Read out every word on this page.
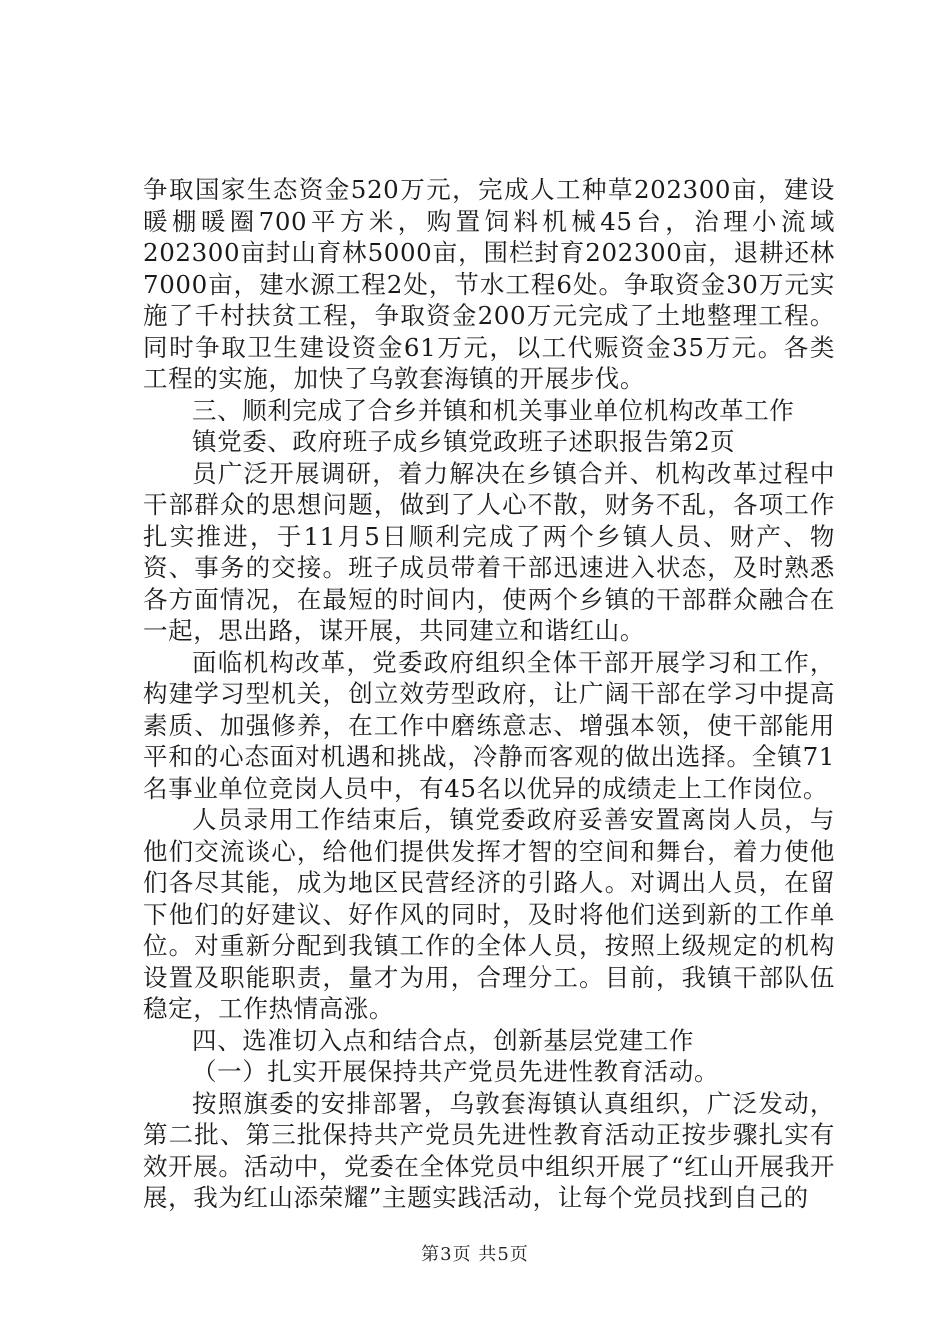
争取国家生态资金520万元，完成人工种草202300亩，建设暖棚暖圈700平方米，购置饲料机械45台，治理小流域202300亩封山育林5000亩，围栏封育202300亩，退耕还林7000亩，建水源工程2处，节水工程6处。争取资金30万元实施了千村扶贫工程，争取资金200万元完成了土地整理工程。同时争取卫生建设资金61万元，以工代赈资金35万元。各类工程的实施，加快了乌敦套海镇的开展步伐。

三、顺利完成了合乡并镇和机关事业单位机构改革工作

镇党委、政府班子成乡镇党政班子述职报告第2页

员广泛开展调研，着力解决在乡镇合并、机构改革过程中干部群众的思想问题，做到了人心不散，财务不乱，各项工作扎实推进，于11月5日顺利完成了两个乡镇人员、财产、物资、事务的交接。班子成员带着干部迅速进入状态，及时熟悉各方面情况，在最短的时间内，使两个乡镇的干部群众融合在一起，思出路，谋开展，共同建立和谐红山。

面临机构改革，党委政府组织全体干部开展学习和工作，构建学习型机关，创立效劳型政府，让广阔干部在学习中提高素质、加强修养，在工作中磨练意志、增强本领，使干部能用平和的心态面对机遇和挑战，冷静而客观的做出选择。全镇71名事业单位竞岗人员中，有45名以优异的成绩走上工作岗位。

人员录用工作结束后，镇党委政府妥善安置离岗人员，与他们交流谈心，给他们提供发挥才智的空间和舞台，着力使他们各尽其能，成为地区民营经济的引路人。对调出人员，在留下他们的好建议、好作风的同时，及时将他们送到新的工作单位。对重新分配到我镇工作的全体人员，按照上级规定的机构设置及职能职责，量才为用，合理分工。目前，我镇干部队伍稳定，工作热情高涨。

四、选准切入点和结合点，创新基层党建工作

（一）扎实开展保持共产党员先进性教育活动。

按照旗委的安排部署，乌敦套海镇认真组织，广泛发动，第二批、第三批保持共产党员先进性教育活动正按步骤扎实有效开展。活动中，党委在全体党员中组织开展了“红山开展我开展，我为红山添荣耀”主题实践活动，让每个党员找到自己的

第3页 共5页
